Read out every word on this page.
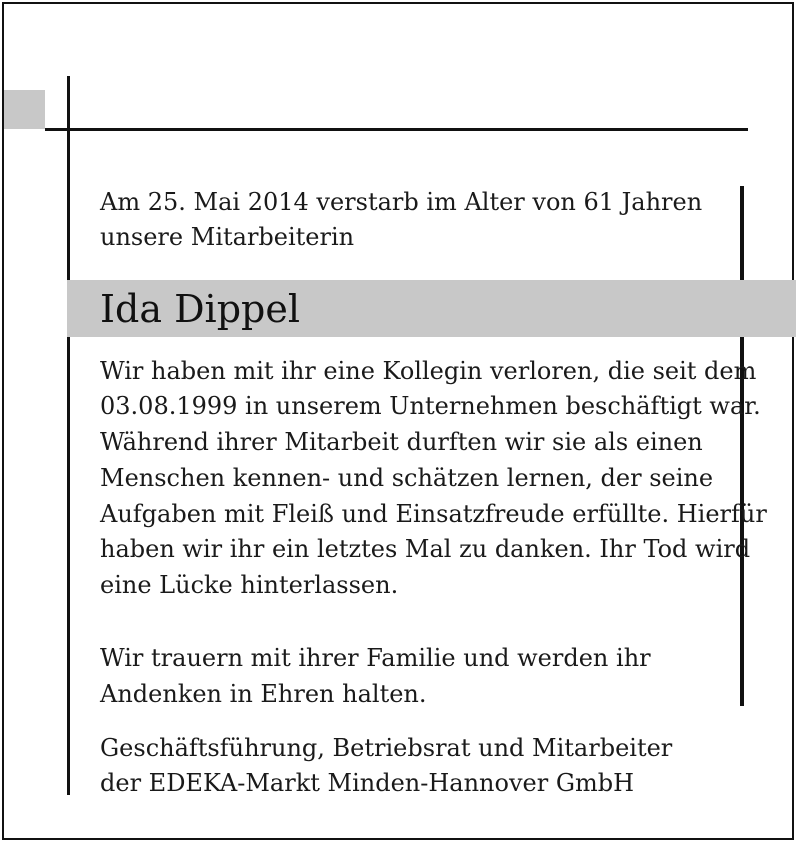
Am 25. Mai 2014 verstarb im Alter von 61 Jahren
unsere Mitarbeiterin
Ida Dippel
Wir haben mit ihr eine Kollegin verloren, die seit dem
03.08.1999 in unserem Unternehmen beschäftigt war.
Während ihrer Mitarbeit durften wir sie als einen
Menschen kennen- und schätzen lernen, der seine
Aufgaben mit Fleiß und Einsatzfreude erfüllte. Hierfür
haben wir ihr ein letztes Mal zu danken. Ihr Tod wird
eine Lücke hinterlassen.
Wir trauern mit ihrer Familie und werden ihr
Andenken in Ehren halten.
Geschäftsführung, Betriebsrat und Mitarbeiter
der EDEKA-Markt Minden-Hannover GmbH
